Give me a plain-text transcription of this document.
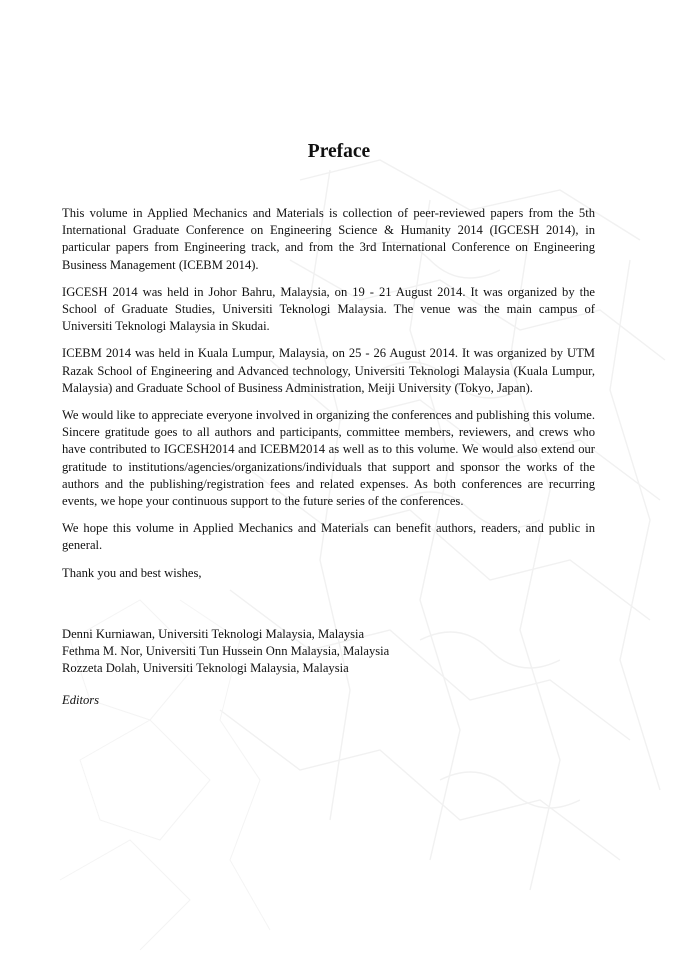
Preface

This volume in Applied Mechanics and Materials is collection of peer-reviewed papers from the 5th International Graduate Conference on Engineering Science & Humanity 2014 (IGCESH 2014), in particular papers from Engineering track, and from the 3rd International Conference on Engineering Business Management (ICEBM 2014).

IGCESH 2014 was held in Johor Bahru, Malaysia, on 19 - 21 August 2014. It was organized by the School of Graduate Studies, Universiti Teknologi Malaysia. The venue was the main campus of Universiti Teknologi Malaysia in Skudai.

ICEBM 2014 was held in Kuala Lumpur, Malaysia, on 25 - 26 August 2014. It was organized by UTM Razak School of Engineering and Advanced technology, Universiti Teknologi Malaysia (Kuala Lumpur, Malaysia) and Graduate School of Business Administration, Meiji University (Tokyo, Japan).

We would like to appreciate everyone involved in organizing the conferences and publishing this volume. Sincere gratitude goes to all authors and participants, committee members, reviewers, and crews who have contributed to IGCESH2014 and ICEBM2014 as well as to this volume. We would also extend our gratitude to institutions/agencies/organizations/individuals that support and sponsor the works of the authors and the publishing/registration fees and related expenses. As both conferences are recurring events, we hope your continuous support to the future series of the conferences.

We hope this volume in Applied Mechanics and Materials can benefit authors, readers, and public in general.

Thank you and best wishes,

Denni Kurniawan, Universiti Teknologi Malaysia, Malaysia

Fethma M. Nor, Universiti Tun Hussein Onn Malaysia, Malaysia

Rozzeta Dolah, Universiti Teknologi Malaysia, Malaysia

Editors
